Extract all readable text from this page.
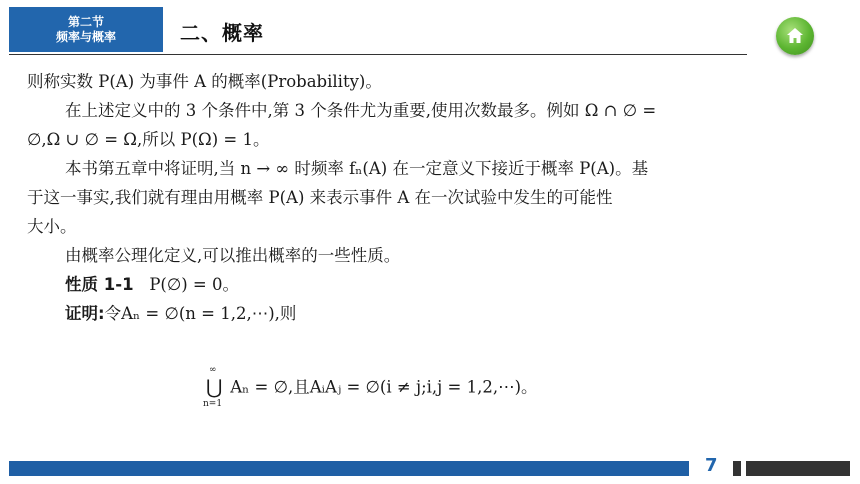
第二节
频率与概率	二、概率
则称实数 P(A) 为事件 A 的概率(Probability)。
在上述定义中的 3 个条件中,第 3 个条件尤为重要,使用次数最多。例如 Ω ∩ ∅ =
∅,Ω ∪ ∅ = Ω,所以 P(Ω) = 1。
本书第五章中将证明,当 n → ∞ 时频率 fₙ(A) 在一定意义下接近于概率 P(A)。基
于这一事实,我们就有理由用概率 P(A) 来表示事件 A 在一次试验中发生的可能性
大小。
由概率公理化定义,可以推出概率的一些性质。
性质 1-1 P(∅) = 0。
证明:令Aₙ = ∅(n = 1,2,⋯),则
∞
⋃
n=1
Aₙ = ∅,且AᵢAⱼ = ∅(i ≠ j;i,j = 1,2,⋯)。
7
